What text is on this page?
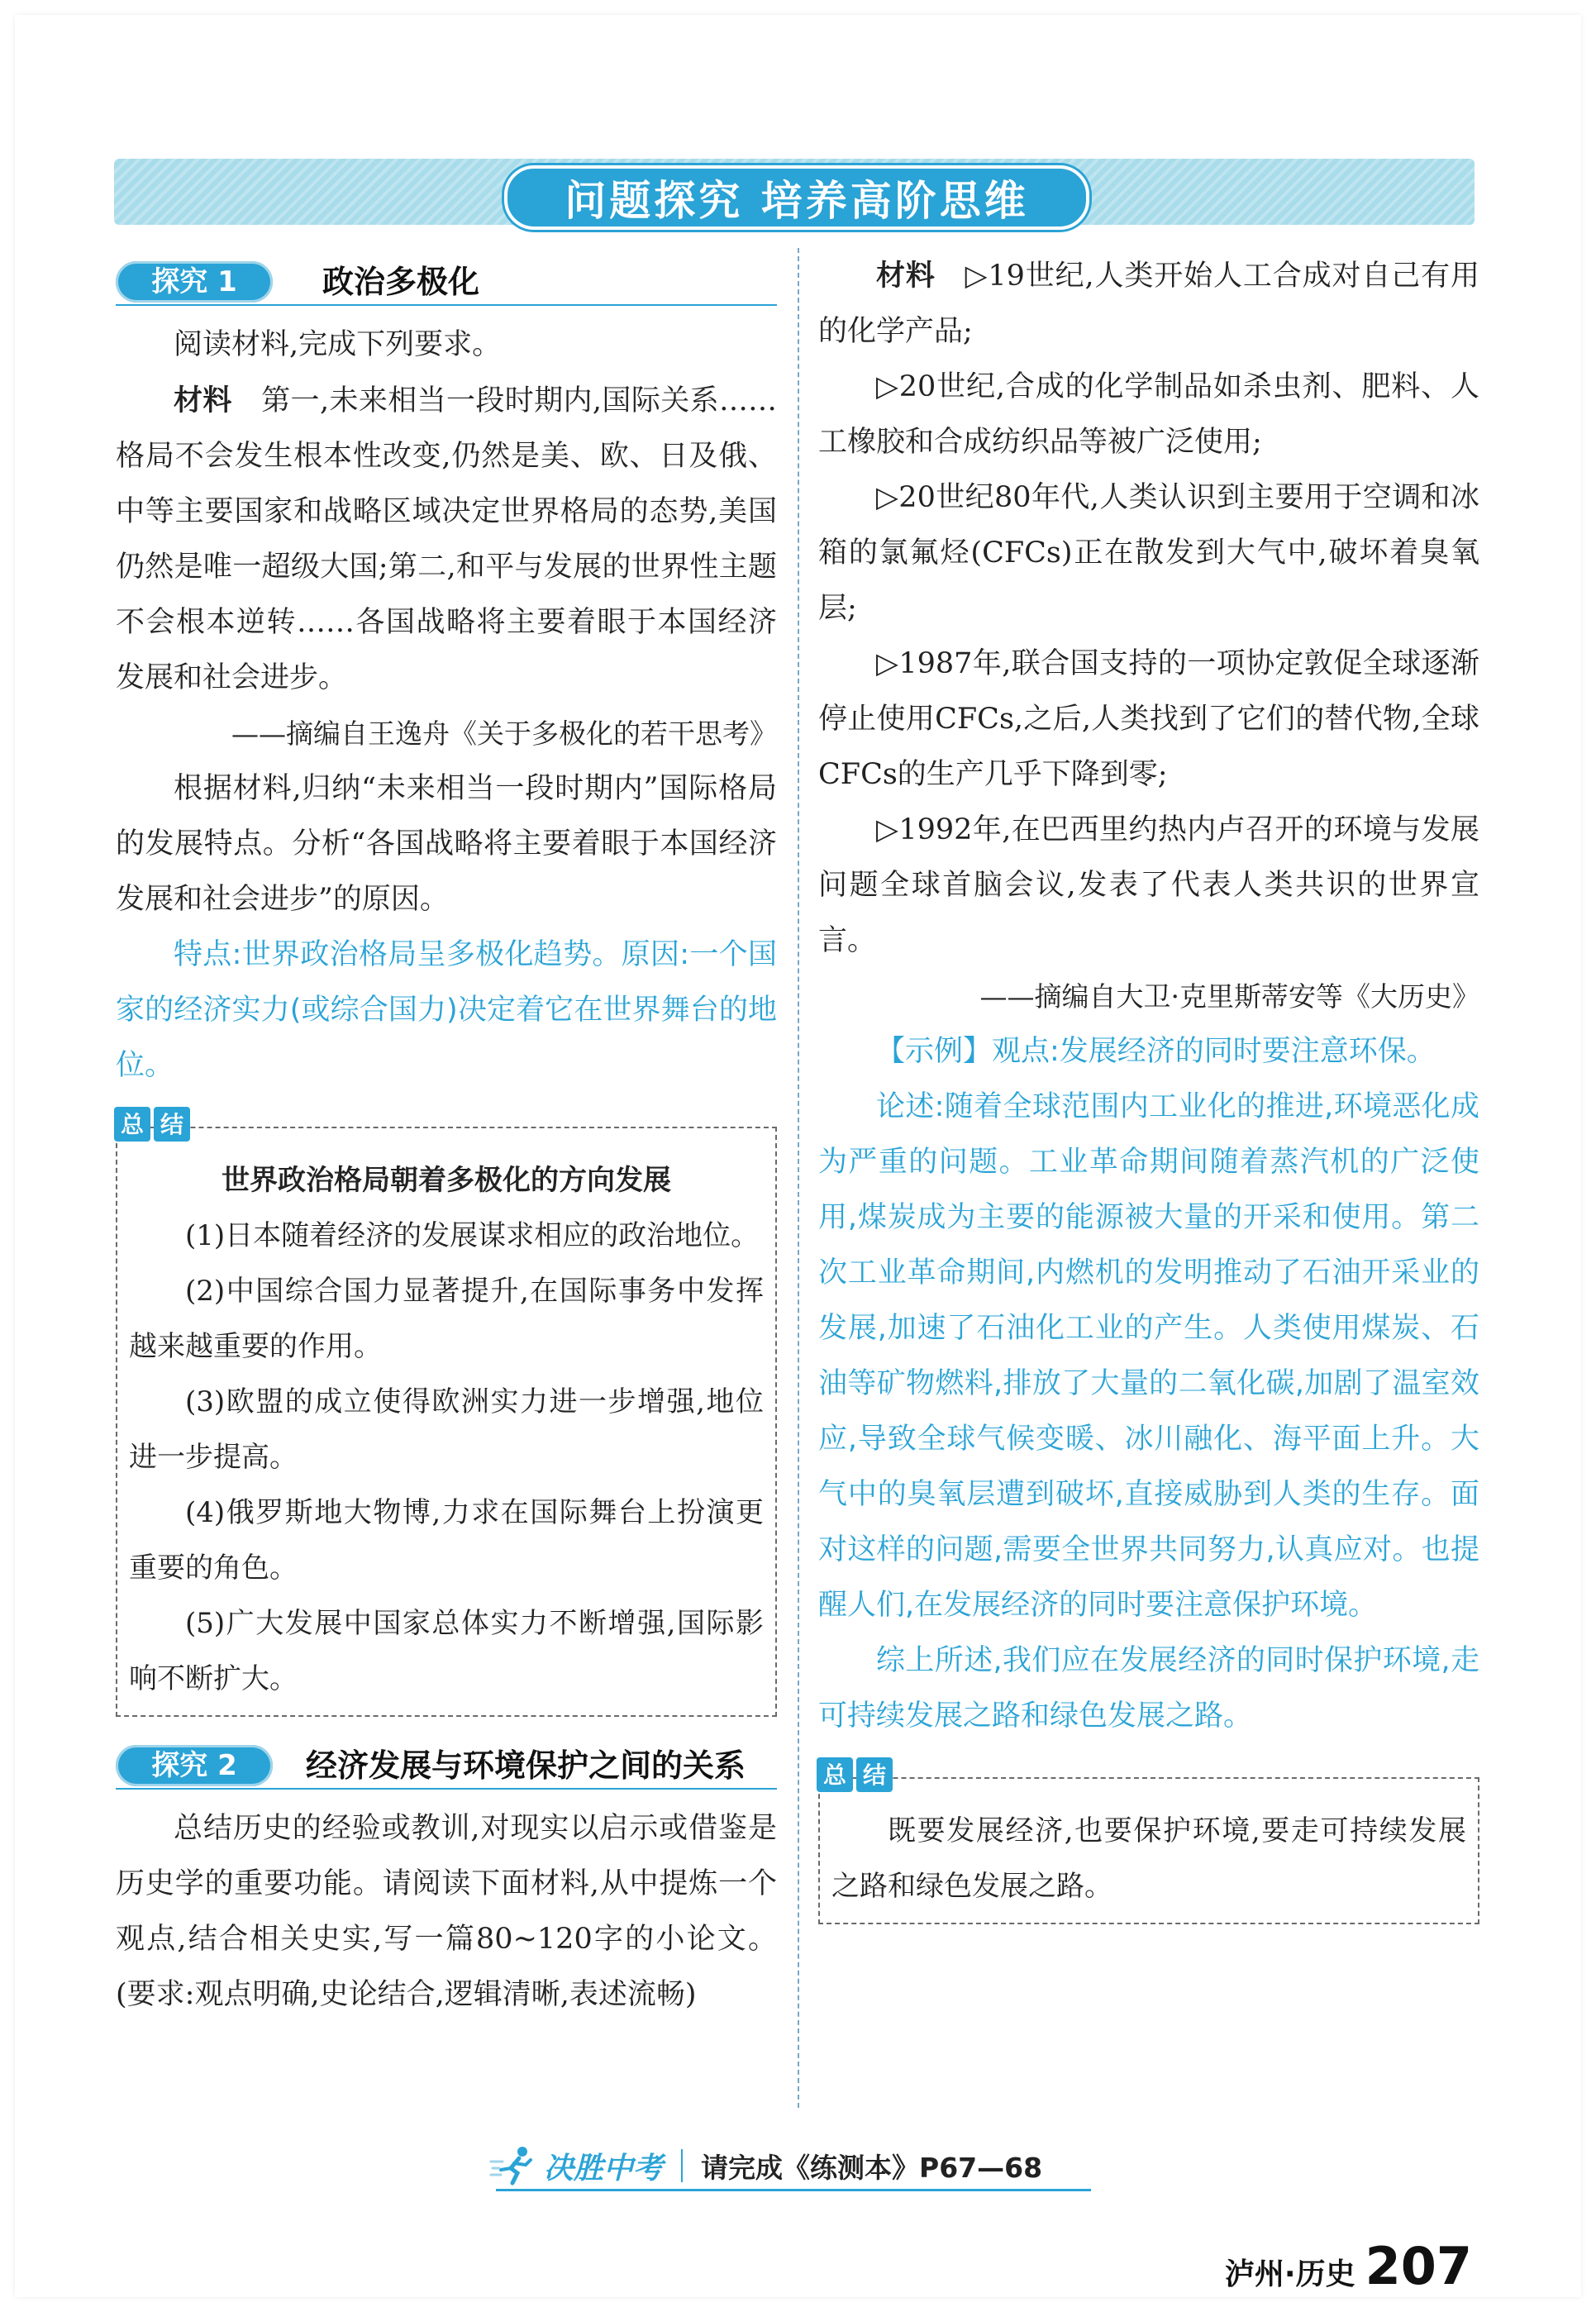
问题探究 培养高阶思维
探究 1	政治多极化

阅读材料,完成下列要求。

材料　 第一,未来相当一段时期内,国际关系……格局不会发生根本性改变,仍然是美、欧、日及俄、中等主要国家和战略区域决定世界格局的态势,美国仍然是唯一超级大国;第二,和平与发展的世界性主题不会根本逆转……各国战略将主要着眼于本国经济发展和社会进步。

——摘编自王逸舟《关于多极化的若干思考》

根据材料,归纳“未来相当一段时期内”国际格局的发展特点。分析“各国战略将主要着眼于本国经济发展和社会进步”的原因。

特点:世界政治格局呈多极化趋势。原因:一个国家的经济实力(或综合国力)决定着它在世界舞台的地位。

总 结

世界政治格局朝着多极化的方向发展

(1)日本随着经济的发展谋求相应的政治地位。

(2)中国综合国力显著提升,在国际事务中发挥越来越重要的作用。

(3)欧盟的成立使得欧洲实力进一步增强,地位进一步提高。

(4)俄罗斯地大物博,力求在国际舞台上扮演更重要的角色。

(5)广大发展中国家总体实力不断增强,国际影响不断扩大。

探究 2	经济发展与环境保护之间的关系

总结历史的经验或教训,对现实以启示或借鉴是历史学的重要功能。请阅读下面材料,从中提炼一个观点,结合相关史实,写一篇80~120字的小论文。(要求:观点明确,史论结合,逻辑清晰,表述流畅)

材料　 ▷19世纪,人类开始人工合成对自己有用的化学产品;

▷20世纪,合成的化学制品如杀虫剂、肥料、人工橡胶和合成纺织品等被广泛使用;

▷20世纪80年代,人类认识到主要用于空调和冰箱的氯氟烃(CFCs)正在散发到大气中,破坏着臭氧层;

▷1987年,联合国支持的一项协定敦促全球逐渐停止使用CFCs,之后,人类找到了它们的替代物,全球CFCs的生产几乎下降到零;

▷1992年,在巴西里约热内卢召开的环境与发展问题全球首脑会议,发表了代表人类共识的世界宣言。

——摘编自大卫·克里斯蒂安等《大历史》

【示例】观点:发展经济的同时要注意环保。

论述:随着全球范围内工业化的推进,环境恶化成为严重的问题。工业革命期间随着蒸汽机的广泛使用,煤炭成为主要的能源被大量的开采和使用。第二次工业革命期间,内燃机的发明推动了石油开采业的发展,加速了石油化工业的产生。人类使用煤炭、石油等矿物燃料,排放了大量的二氧化碳,加剧了温室效应,导致全球气候变暖、冰川融化、海平面上升。大气中的臭氧层遭到破坏,直接威胁到人类的生存。面对这样的问题,需要全世界共同努力,认真应对。也提醒人们,在发展经济的同时要注意保护环境。

综上所述,我们应在发展经济的同时保护环境,走可持续发展之路和绿色发展之路。

总 结

既要发展经济,也要保护环境,要走可持续发展之路和绿色发展之路。

决胜中考 请完成《练测本》P67—68
泸州·历史 207
